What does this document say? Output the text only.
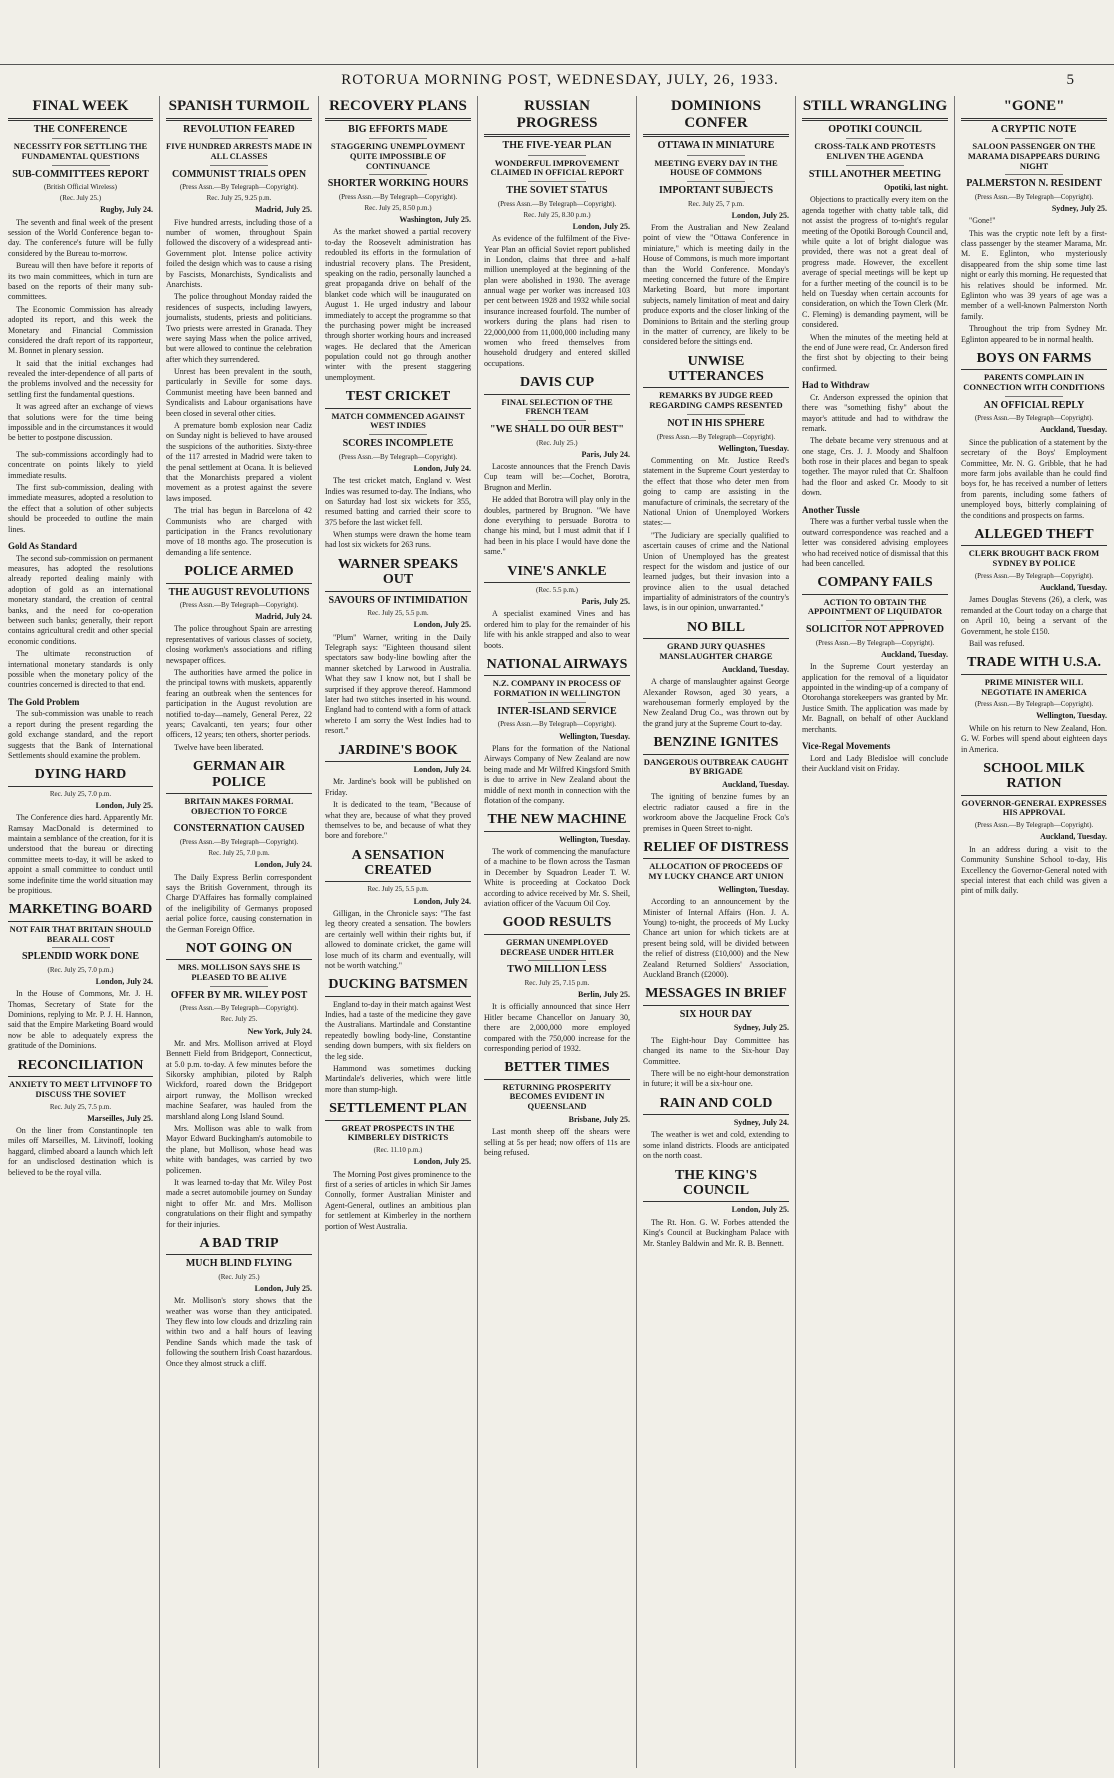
ROTORUA MORNING POST, WEDNESDAY, JULY, 26, 1933.	5
FINAL WEEK
THE CONFERENCE
NECESSITY FOR SETTLING THE FUNDAMENTAL QUESTIONS
SUB-COMMITTEES REPORT
(British Official Wireless)
(Rec. July 25.)
Rugby, July 24.

The seventh and final week of the present session of the World Conference began to-day. The conference's future will be fully considered by the Bureau to-morrow.

Bureau will then have before it reports of its two main committees, which in turn are based on the reports of their many sub-committees.

The Economic Commission has already adopted its report, and this week the Monetary and Financial Commission considered the draft report of its rapporteur, M. Bonnet in plenary session.

It said that the initial exchanges had revealed the inter-dependence of all parts of the problems involved and the necessity for settling first the fundamental questions.

It was agreed after an exchange of views that solutions were for the time being impossible and in the circumstances it would be better to postpone discussion.

The sub-commissions accordingly had to concentrate on points likely to yield immediate results.

The first sub-commission, dealing with immediate measures, adopted a resolution to the effect that a solution of other subjects should be proceeded to outline the main lines.

Gold As Standard

The second sub-commission on permanent measures, has adopted the resolutions already reported dealing mainly with adoption of gold as an international monetary standard, the creation of central banks, and the need for co-operation between such banks; generally, their report contains agricultural credit and other special economic conditions.

The ultimate reconstruction of international monetary standards is only possible when the monetary policy of the countries concerned is directed to that end.

The Gold Problem

The sub-commission was unable to reach a report during the present regarding the gold exchange standard, and the report suggests that the Bank of International Settlements should examine the problem.

DYING HARD
Rec. July 25, 7.0 p.m.
London, July 25.

The Conference dies hard. Apparently Mr. Ramsay MacDonald is determined to maintain a semblance of the creation, for it is understood that the bureau or directing committee meets to-day, it will be asked to appoint a small committee to conduct until some indefinite time the world situation may be propitious.

MARKETING BOARD
NOT FAIR THAT BRITAIN SHOULD BEAR ALL COST
SPLENDID WORK DONE
(Rec. July 25, 7.0 p.m.)
London, July 24.

In the House of Commons, Mr. J. H. Thomas, Secretary of State for the Dominions, replying to Mr. P. J. H. Hannon, said that the Empire Marketing Board would now be able to adequately express the gratitude of the Dominions.

RECONCILIATION
ANXIETY TO MEET LITVINOFF TO DISCUSS THE SOVIET
Rec. July 25, 7.5 p.m.
Marseilles, July 25.

On the liner from Constantinople ten miles off Marseilles, M. Litvinoff, looking haggard, climbed aboard a launch which left for an undisclosed destination which is believed to be the royal villa.

SPANISH TURMOIL
REVOLUTION FEARED
FIVE HUNDRED ARRESTS MADE IN ALL CLASSES
COMMUNIST TRIALS OPEN
(Press Assn.—By Telegraph—Copyright).
Rec. July 25, 9.25 p.m.
Madrid, July 25.

Five hundred arrests, including those of a number of women, throughout Spain followed the discovery of a widespread anti-Government plot. Intense police activity foiled the design which was to cause a rising by Fascists, Monarchists, Syndicalists and Anarchists.

The police throughout Monday raided the residences of suspects, including lawyers, journalists, students, priests and politicians. Two priests were arrested in Granada. They were saying Mass when the police arrived, but were allowed to continue the celebration after which they surrendered.

Unrest has been prevalent in the south, particularly in Seville for some days. Communist meeting have been banned and Syndicalists and Labour organisations have been closed in several other cities.

A premature bomb explosion near Cadiz on Sunday night is believed to have aroused the suspicions of the authorities. Sixty-three of the 117 arrested in Madrid were taken to the penal settlement at Ocana. It is believed that the Monarchists prepared a violent movement as a protest against the severe laws imposed.

The trial has begun in Barcelona of 42 Communists who are charged with participation in the Francs revolutionary move of 18 months ago. The prosecution is demanding a life sentence.

POLICE ARMED
THE AUGUST REVOLUTIONS
(Press Assn.—By Telegraph—Copyright).
Madrid, July 24.

The police throughout Spain are arresting representatives of various classes of society, closing workmen's associations and rifling newspaper offices.

The authorities have armed the police in the principal towns with muskets, apparently fearing an outbreak when the sentences for participation in the August revolution are notified to-day—namely, General Perez, 22 years; Cavalcanti, ten years; four other officers, 12 years; ten others, shorter periods.

Twelve have been liberated.

GERMAN AIR POLICE
BRITAIN MAKES FORMAL OBJECTION TO FORCE
CONSTERNATION CAUSED
(Press Assn.—By Telegraph—Copyright).
Rec. July 25, 7.0 p.m.
London, July 24.

The Daily Express Berlin correspondent says the British Government, through its Charge D'Affaires has formally complained of the ineligibility of Germanys proposed aerial police force, causing consternation in the German Foreign Office.

NOT GOING ON
MRS. MOLLISON SAYS SHE IS PLEASED TO BE ALIVE
OFFER BY MR. WILEY POST
(Press Assn.—By Telegraph—Copyright).
Rec. July 25.
New York, July 24.

Mr. and Mrs. Mollison arrived at Floyd Bennett Field from Bridgeport, Connecticut, at 5.0 p.m. to-day. A few minutes before the Sikorsky amphibian, piloted by Ralph Wickford, roared down the Bridgeport airport runway, the Mollison wrecked machine Seafarer, was hauled from the marshland along Long Island Sound.

Mrs. Mollison was able to walk from Mayor Edward Buckingham's automobile to the plane, but Mollison, whose head was white with bandages, was carried by two policemen.

It was learned to-day that Mr. Wiley Post made a secret automobile journey on Sunday night to offer Mr. and Mrs. Mollison congratulations on their flight and sympathy for their injuries.

A BAD TRIP
MUCH BLIND FLYING
(Rec. July 25.)
London, July 25.

Mr. Mollison's story shows that the weather was worse than they anticipated. They flew into low clouds and drizzling rain within two and a half hours of leaving Pendine Sands which made the task of following the southern Irish Coast hazardous. Once they almost struck a cliff.

RECOVERY PLANS
BIG EFFORTS MADE
STAGGERING UNEMPLOYMENT QUITE IMPOSSIBLE OF CONTINUANCE
SHORTER WORKING HOURS
(Press Assn.—By Telegraph—Copyright).
Rec. July 25, 8.50 p.m.)
Washington, July 25.

As the market showed a partial recovery to-day the Roosevelt administration has redoubled its efforts in the formulation of industrial recovery plans. The President, speaking on the radio, personally launched a great propaganda drive on behalf of the blanket code which will be inaugurated on August 1. He urged industry and labour immediately to accept the programme so that the purchasing power might be increased through shorter working hours and increased wages. He declared that the American population could not go through another winter with the present staggering unemployment.

TEST CRICKET
MATCH COMMENCED AGAINST WEST INDIES
SCORES INCOMPLETE
(Press Assn.—By Telegraph—Copyright).
London, July 24.

The test cricket match, England v. West Indies was resumed to-day. The Indians, who on Saturday had lost six wickets for 355, resumed batting and carried their score to 375 before the last wicket fell.

When stumps were drawn the home team had lost six wickets for 263 runs.

WARNER SPEAKS OUT
SAVOURS OF INTIMIDATION
Rec. July 25, 5.5 p.m.
London, July 25.

"Plum" Warner, writing in the Daily Telegraph says: "Eighteen thousand silent spectators saw body-line bowling after the manner sketched by Larwood in Australia. What they saw I know not, but I shall be surprised if they approve thereof. Hammond later had two stitches inserted in his wound. England had to contend with a form of attack whereto I am sorry the West Indies had to resort."

JARDINE'S BOOK
London, July 24.

Mr. Jardine's book will be published on Friday.

It is dedicated to the team, "Because of what they are, because of what they proved themselves to be, and because of what they bore and forebore."

A SENSATION CREATED
Rec. July 25, 5.5 p.m.
London, July 24.

Gilligan, in the Chronicle says: "The fast leg theory created a sensation. The bowlers are certainly well within their rights but, if allowed to dominate cricket, the game will lose much of its charm and eventually, will not be worth watching."

DUCKING BATSMEN

England to-day in their match against West Indies, had a taste of the medicine they gave the Australians. Martindale and Constantine repeatedly bowling body-line, Constantine sending down bumpers, with six fielders on the leg side.

Hammond was sometimes ducking Martindale's deliveries, which were little more than stump-high.

SETTLEMENT PLAN
GREAT PROSPECTS IN THE KIMBERLEY DISTRICTS
(Rec. 11.10 p.m.)
London, July 25.

The Morning Post gives prominence to the first of a series of articles in which Sir James Connolly, former Australian Minister and Agent-General, outlines an ambitious plan for settlement at Kimberley in the northern portion of West Australia.

RUSSIAN PROGRESS
THE FIVE-YEAR PLAN
WONDERFUL IMPROVEMENT CLAIMED IN OFFICIAL REPORT
THE SOVIET STATUS
(Press Assn.—By Telegraph—Copyright).
Rec. July 25, 8.30 p.m.)
London, July 25.

As evidence of the fulfilment of the Five-Year Plan an official Soviet report published in London, claims that three and a-half million unemployed at the beginning of the plan were abolished in 1930. The average annual wage per worker was increased 103 per cent between 1928 and 1932 while social insurance increased fourfold. The number of workers during the plans had risen to 22,000,000 from 11,000,000 including many women who freed themselves from household drudgery and entered skilled occupations.

DAVIS CUP
FINAL SELECTION OF THE FRENCH TEAM
"WE SHALL DO OUR BEST"
(Rec. July 25.)
Paris, July 24.

Lacoste announces that the French Davis Cup team will be:—Cochet, Borotra, Brugnon and Merlin.

He added that Borotra will play only in the doubles, partnered by Brugnon. "We have done everything to persuade Borotra to change his mind, but I must admit that if I had been in his place I would have done the same."

VINE'S ANKLE
(Rec. 5.5 p.m.)
Paris, July 25.

A specialist examined Vines and has ordered him to play for the remainder of his life with his ankle strapped and also to wear boots.

NATIONAL AIRWAYS
N.Z. COMPANY IN PROCESS OF FORMATION IN WELLINGTON
INTER-ISLAND SERVICE
(Press Assn.—By Telegraph—Copyright).
Wellington, Tuesday.

Plans for the formation of the National Airways Company of New Zealand are now being made and Mr Wilfred Kingsford Smith is due to arrive in New Zealand about the middle of next month in connection with the flotation of the company.

THE NEW MACHINE
Wellington, Tuesday.

The work of commencing the manufacture of a machine to be flown across the Tasman in December by Squadron Leader T. W. White is proceeding at Cockatoo Dock according to advice received by Mr. S. Sheil, aviation officer of the Vacuum Oil Coy.

GOOD RESULTS
GERMAN UNEMPLOYED DECREASE UNDER HITLER
TWO MILLION LESS
Rec. July 25, 7.15 p.m.
Berlin, July 25.

It is officially announced that since Herr Hitler became Chancellor on January 30, there are 2,000,000 more employed compared with the 750,000 increase for the corresponding period of 1932.

BETTER TIMES
RETURNING PROSPERITY BECOMES EVIDENT IN QUEENSLAND
Brisbane, July 25.

Last month sheep off the shears were selling at 5s per head; now offers of 11s are being refused.

DOMINIONS CONFER
OTTAWA IN MINIATURE
MEETING EVERY DAY IN THE HOUSE OF COMMONS
IMPORTANT SUBJECTS
Rec. July 25, 7 p.m.
London, July 25.

From the Australian and New Zealand point of view the "Ottawa Conference in miniature," which is meeting daily in the House of Commons, is much more important than the World Conference. Monday's meeting concerned the future of the Empire Marketing Board, but more important subjects, namely limitation of meat and dairy produce exports and the closer linking of the Dominions to Britain and the sterling group in the matter of currency, are likely to be considered before the sittings end.

UNWISE UTTERANCES
REMARKS BY JUDGE REED REGARDING CAMPS RESENTED
NOT IN HIS SPHERE
(Press Assn.—By Telegraph—Copyright).
Wellington, Tuesday.

Commenting on Mr. Justice Reed's statement in the Supreme Court yesterday to the effect that those who deter men from going to camp are assisting in the manufacture of criminals, the secretary of the National Union of Unemployed Workers states:—

"The Judiciary are specially qualified to ascertain causes of crime and the National Union of Unemployed has the greatest respect for the wisdom and justice of our learned judges, but their invasion into a province alien to the usual detached impartiality of administrators of the country's laws, is in our opinion, unwarranted."

NO BILL
GRAND JURY QUASHES MANSLAUGHTER CHARGE
Auckland, Tuesday.

A charge of manslaughter against George Alexander Rowson, aged 30 years, a warehouseman formerly employed by the New Zealand Drug Co., was thrown out by the grand jury at the Supreme Court to-day.

BENZINE IGNITES
DANGEROUS OUTBREAK CAUGHT BY BRIGADE
Auckland, Tuesday.

The igniting of benzine fumes by an electric radiator caused a fire in the workroom above the Jacqueline Frock Co's premises in Queen Street to-night.

RELIEF OF DISTRESS
ALLOCATION OF PROCEEDS OF MY LUCKY CHANCE ART UNION
Wellington, Tuesday.

According to an announcement by the Minister of Internal Affairs (Hon. J. A. Young) to-night, the proceeds of My Lucky Chance art union for which tickets are at present being sold, will be divided between the relief of distress (£10,000) and the New Zealand Returned Soldiers' Association, Auckland Branch (£2000).

MESSAGES IN BRIEF
SIX HOUR DAY
Sydney, July 25.

The Eight-hour Day Committee has changed its name to the Six-hour Day Committee.

There will be no eight-hour demonstration in future; it will be a six-hour one.

RAIN AND COLD
Sydney, July 24.

The weather is wet and cold, extending to some inland districts. Floods are anticipated on the north coast.

THE KING'S COUNCIL
London, July 25.

The Rt. Hon. G. W. Forbes attended the King's Council at Buckingham Palace with Mr. Stanley Baldwin and Mr. R. B. Bennett.

STILL WRANGLING
OPOTIKI COUNCIL
CROSS-TALK AND PROTESTS ENLIVEN THE AGENDA
STILL ANOTHER MEETING
Opotiki, last night.

Objections to practically every item on the agenda together with chatty table talk, did not assist the progress of to-night's regular meeting of the Opotiki Borough Council and, while quite a lot of bright dialogue was provided, there was not a great deal of progress made. However, the excellent average of special meetings will be kept up for a further meeting of the council is to be held on Tuesday when certain accounts for consideration, on which the Town Clerk (Mr. C. Fleming) is demanding payment, will be considered.

When the minutes of the meeting held at the end of June were read, Cr. Anderson fired the first shot by objecting to their being confirmed.

Had to Withdraw

Cr. Anderson expressed the opinion that there was "something fishy" about the mayor's attitude and had to withdraw the remark.

The debate became very strenuous and at one stage, Crs. J. J. Moody and Shalfoon both rose in their places and began to speak together. The mayor ruled that Cr. Shalfoon had the floor and asked Cr. Moody to sit down.

Another Tussle

There was a further verbal tussle when the outward correspondence was reached and a letter was considered advising employees who had received notice of dismissal that this had been cancelled.

COMPANY FAILS
ACTION TO OBTAIN THE APPOINTMENT OF LIQUIDATOR
SOLICITOR NOT APPROVED
(Press Assn.—By Telegraph—Copyright).
Auckland, Tuesday.

In the Supreme Court yesterday an application for the removal of a liquidator appointed in the winding-up of a company of Otorohanga storekeepers was granted by Mr. Justice Smith. The application was made by Mr. Bagnall, on behalf of other Auckland merchants.

Vice-Regal Movements

Lord and Lady Bledisloe will conclude their Auckland visit on Friday.

"GONE"
A CRYPTIC NOTE
SALOON PASSENGER ON THE MARAMA DISAPPEARS DURING NIGHT
PALMERSTON N. RESIDENT
(Press Assn.—By Telegraph—Copyright).
Sydney, July 25.

"Gone!"

This was the cryptic note left by a first-class passenger by the steamer Marama, Mr. M. E. Eglinton, who mysteriously disappeared from the ship some time last night or early this morning. He requested that his relatives should be informed. Mr. Eglinton who was 39 years of age was a member of a well-known Palmerston North family.

Throughout the trip from Sydney Mr. Eglinton appeared to be in normal health.

BOYS ON FARMS
PARENTS COMPLAIN IN CONNECTION WITH CONDITIONS
AN OFFICIAL REPLY
(Press Assn.—By Telegraph—Copyright).
Auckland, Tuesday.

Since the publication of a statement by the secretary of the Boys' Employment Committee, Mr. N. G. Gribble, that he had more farm jobs available than he could find boys for, he has received a number of letters from parents, including some fathers of unemployed boys, bitterly complaining of the conditions and prospects on farms.

ALLEGED THEFT
CLERK BROUGHT BACK FROM SYDNEY BY POLICE
(Press Assn.—By Telegraph—Copyright).
Auckland, Tuesday.

James Douglas Stevens (26), a clerk, was remanded at the Court today on a charge that on April 10, being a servant of the Government, he stole £150.

Bail was refused.

TRADE WITH U.S.A.
PRIME MINISTER WILL NEGOTIATE IN AMERICA
(Press Assn.—By Telegraph—Copyright).
Wellington, Tuesday.

While on his return to New Zealand, Hon. G. W. Forbes will spend about eighteen days in America.

SCHOOL MILK RATION
GOVERNOR-GENERAL EXPRESSES HIS APPROVAL
(Press Assn.—By Telegraph—Copyright).
Auckland, Tuesday.

In an address during a visit to the Community Sunshine School to-day, His Excellency the Governor-General noted with special interest that each child was given a pint of milk daily.
